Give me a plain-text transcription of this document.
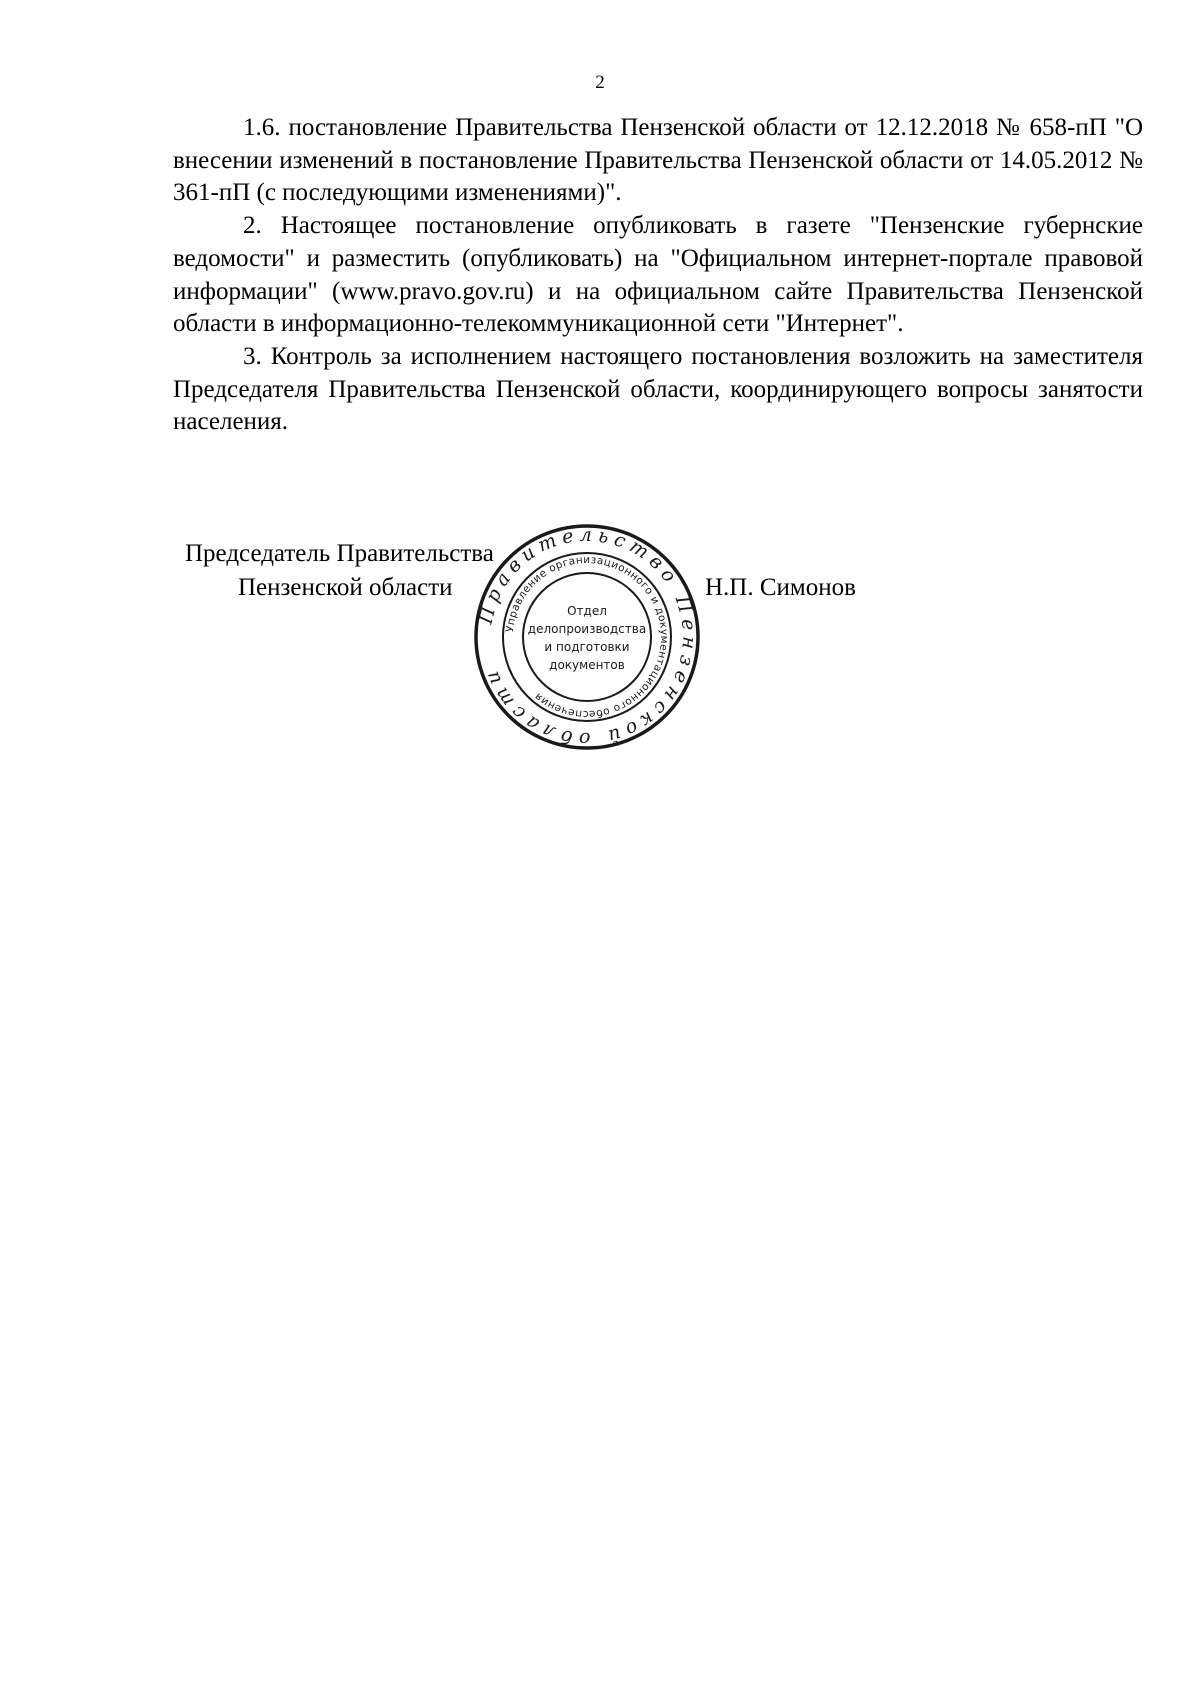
2

1.6. постановление Правительства Пензенской области от 12.12.2018 № 658-пП "О внесении изменений в постановление Правительства Пензенской области от 14.05.2012 № 361-пП (с последующими изменениями)".

2. Настоящее постановление опубликовать в газете "Пензенские губернские ведомости" и разместить (опубликовать) на "Официальном интернет-портале правовой информации" (www.pravo.gov.ru) и на официальном сайте Правительства Пензенской области в информационно-телекоммуникационной сети "Интернет".

3. Контроль за исполнением настоящего постановления возложить на заместителя Председателя Правительства Пензенской области, координирующего вопросы занятости населения.

Председатель Правительства
Пензенской области	Н.П. Симонов
Правительство Пензенской области
Управление организационного и документационного обеспечения
Отдел
делопроизводства
и подготовки
документов
